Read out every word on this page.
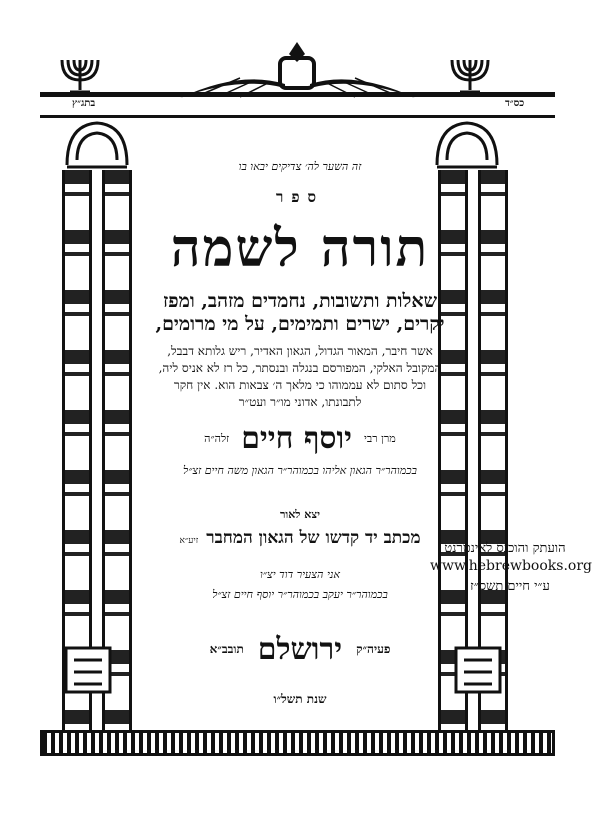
בתג״ץ	כס״ד
זה השער לה׳ צדיקים יבאו בו
ספר
תורה לשמה
שאלות ותשובות, נחמדים מזהב, ומפז
יקרים, ישרים ותמימים, על מי מרומים,
אשר חיבר, המאור הגדול, הגאון האדיר, ריש גלותא דבבל,
המקובל האלקי, המפורסם בנגלה ובנסתר, כל רז לא אניס ליה,
וכל סתום לא עממוהו כי מלאך ה׳ צבאות הוא. אין חקר
לתבונתו, אדוני מו״ר ועט״ר
מרן רבי
יוסף חיים
זלה״ה
בכמוהר״ר הגאון אליהו בכמוהר״ר הגאון משה חיים זצ״ל
יצא לאור
מכתב יד קדשו של הגאון המחבר
זיע״א
אני הצעיר דוד יצ״ו
בכמוהר״ר יעקב בכמוהר״ר יוסף חיים זצ״ל
פעיה״ק
ירושלם
תובב״א
שנת תשל״ו
הועתק והוכנס לאינטרנט
www.hebrewbooks.org
ע״י חיים תשס״ז
